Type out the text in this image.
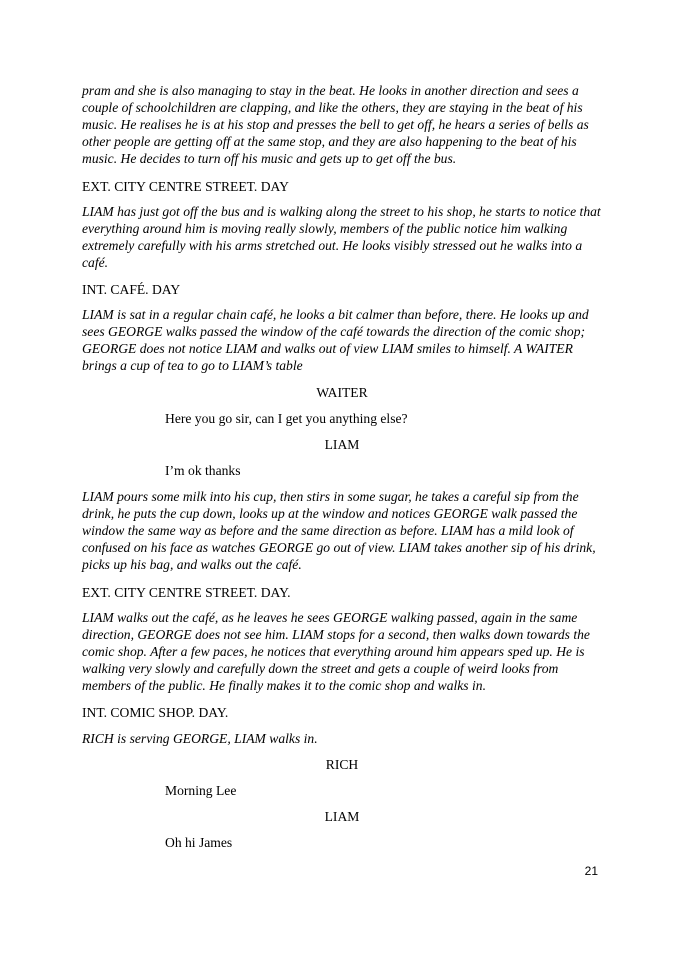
pram and she is also managing to stay in the beat. He looks in another direction and sees a couple of schoolchildren are clapping, and like the others, they are staying in the beat of his music. He realises he is at his stop and presses the bell to get off, he hears a series of bells as other people are getting off at the same stop, and they are also happening to the beat of his music. He decides to turn off his music and gets up to get off the bus.
EXT. CITY CENTRE STREET. DAY
LIAM has just got off the bus and is walking along the street to his shop, he starts to notice that everything around him is moving really slowly, members of the public notice him walking extremely carefully with his arms stretched out. He looks visibly stressed out he walks into a café.
INT. CAFÉ. DAY
LIAM is sat in a regular chain café, he looks a bit calmer than before, there. He looks up and sees GEORGE walks passed the window of the café towards the direction of the comic shop; GEORGE does not notice LIAM and walks out of view LIAM smiles to himself. A WAITER brings a cup of tea to go to LIAM’s table
WAITER
Here you go sir, can I get you anything else?
LIAM
I’m ok thanks
LIAM pours some milk into his cup, then stirs in some sugar, he takes a careful sip from the drink, he puts the cup down, looks up at the window and notices GEORGE walk passed the window the same way as before and the same direction as before. LIAM has a mild look of confused on his face as watches GEORGE go out of view. LIAM takes another sip of his drink, picks up his bag, and walks out the café.
EXT. CITY CENTRE STREET. DAY.
LIAM walks out the café, as he leaves he sees GEORGE walking passed, again in the same direction, GEORGE does not see him. LIAM stops for a second, then walks down towards the comic shop. After a few paces, he notices that everything around him appears sped up. He is walking very slowly and carefully down the street and gets a couple of weird looks from members of the public. He finally makes it to the comic shop and walks in.
INT. COMIC SHOP. DAY.
RICH is serving GEORGE, LIAM walks in.
RICH
Morning Lee
LIAM
Oh hi James
21
